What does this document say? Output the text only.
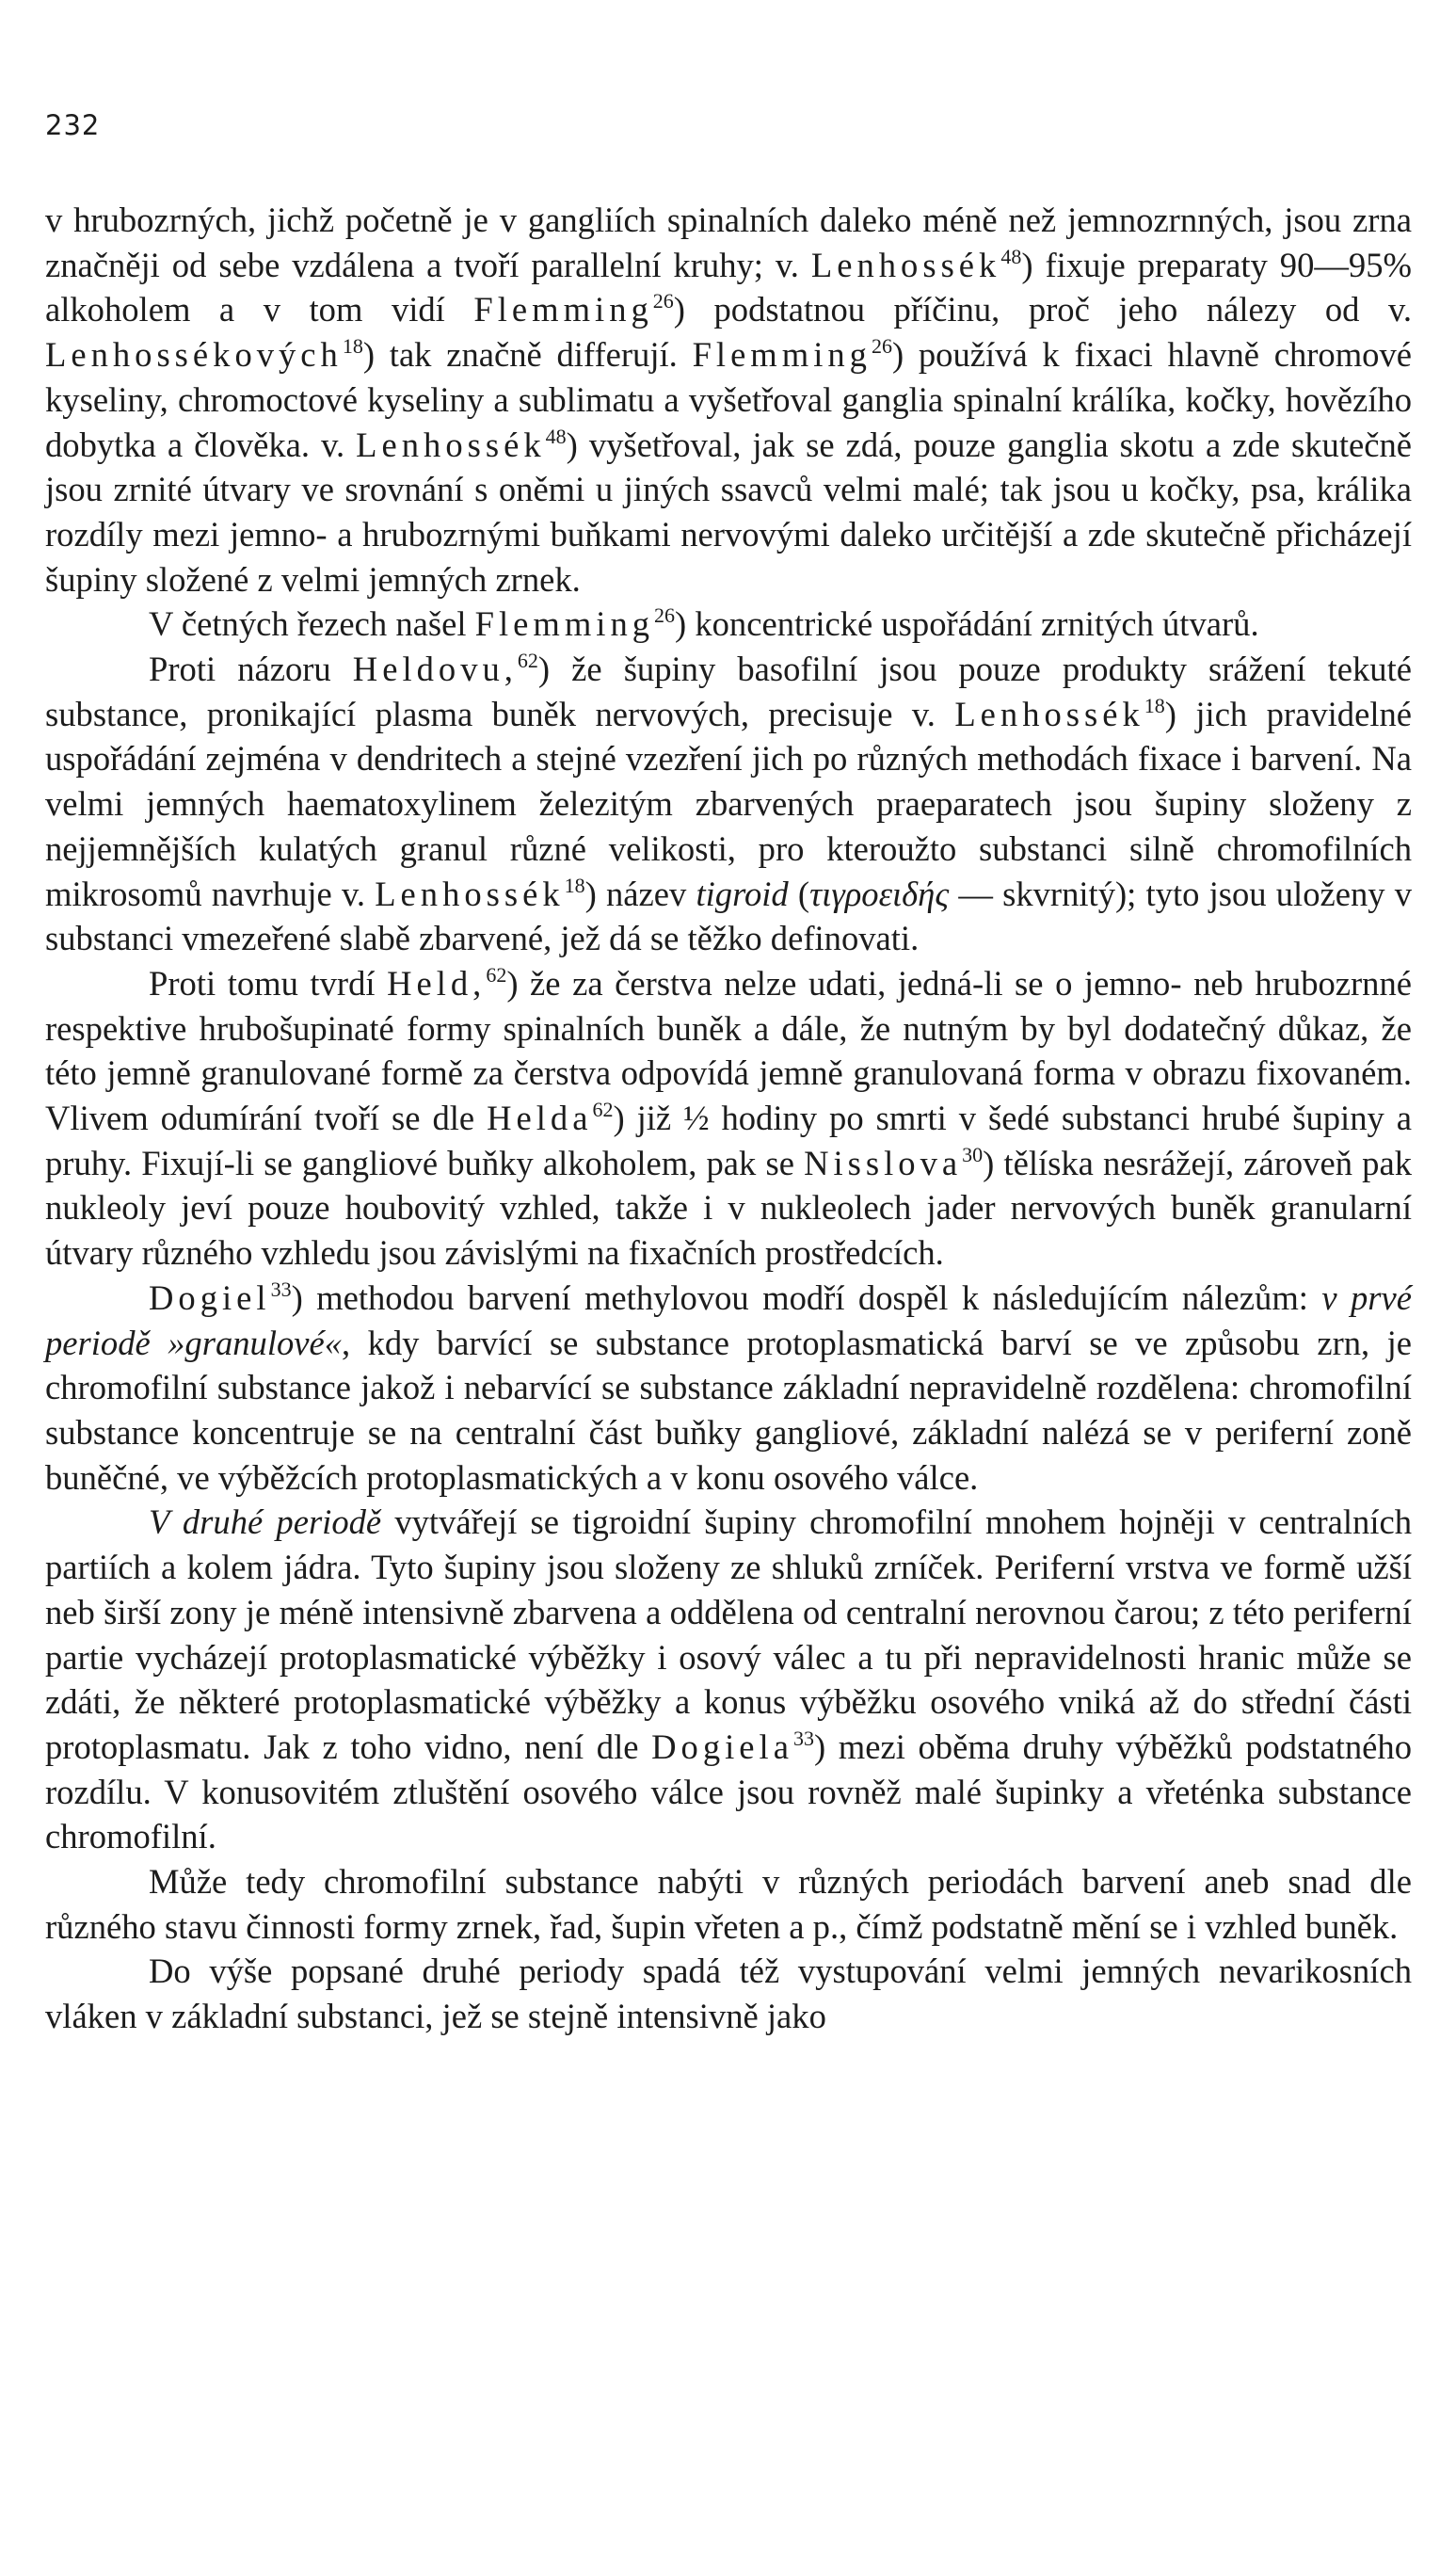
232

v hrubozrných, jichž početně je v gangliích spinalních daleko méně než jemnozrnných, jsou zrna značněji od sebe vzdálena a tvoří parallelní kruhy; v. Lenhossék$^{48}$) fixuje preparaty 90—95% alkoholem a v tom vidí Flemming$^{26}$) podstatnou příčinu, proč jeho nálezy od v. Lenhossékových$^{18}$) tak značně differují. Flemming$^{26}$) používá k fixaci hlavně chromové kyseliny, chromoctové kyseliny a sublimatu a vyšetřoval ganglia spinalní králíka, kočky, hovězího dobytka a člověka. v. Lenhossék$^{48}$) vyšetřoval, jak se zdá, pouze ganglia skotu a zde skutečně jsou zrnité útvary ve srovnání s oněmi u jiných ssavců velmi malé; tak jsou u kočky, psa, králika rozdíly mezi jemno- a hrubozrnými buňkami nervovými daleko určitější a zde skutečně přicházejí šupiny složené z velmi jemných zrnek.

V četných řezech našel Flemming$^{26}$) koncentrické uspořádání zrnitých útvarů.

Proti názoru Heldovu,$^{62}$) že šupiny basofilní jsou pouze produkty srážení tekuté substance, pronikající plasma buněk nervových, precisuje v. Lenhossék$^{18}$) jich pravidelné uspořádání zejména v dendritech a stejné vzezření jich po různých methodách fixace i barvení. Na velmi jemných haematoxylinem železitým zbarvených praeparatech jsou šupiny složeny z nejjemnějších kulatých granul různé velikosti, pro kteroužto substanci silně chromofilních mikrosomů navrhuje v. Lenhossék$^{18}$) název tigroid (τιγροειδής — skvrnitý); tyto jsou uloženy v substanci vmezeřené slabě zbarvené, jež dá se těžko definovati.

Proti tomu tvrdí Held,$^{62}$) že za čerstva nelze udati, jedná-li se o jemno- neb hrubozrnné respektive hrubošupinaté formy spinalních buněk a dále, že nutným by byl dodatečný důkaz, že této jemně granulované formě za čerstva odpovídá jemně granulovaná forma v obrazu fixovaném. Vlivem odumírání tvoří se dle Helda$^{62}$) již ½ hodiny po smrti v šedé substanci hrubé šupiny a pruhy. Fixují-li se gangliové buňky alkoholem, pak se Nisslova$^{30}$) tělíska nesrážejí, zároveň pak nukleoly jeví pouze houbovitý vzhled, takže i v nukleolech jader nervových buněk granularní útvary různého vzhledu jsou závislými na fixačních prostředcích.

Dogiel$^{33}$) methodou barvení methylovou modří dospěl k následujícím nálezům: v prvé periodě »granulové«, kdy barvící se substance protoplasmatická barví se ve způsobu zrn, je chromofilní substance jakož i nebarvící se substance základní nepravidelně rozdělena: chromofilní substance koncentruje se na centralní část buňky gangliové, základní nalézá se v periferní zoně buněčné, ve výběžcích protoplasmatických a v konu osového válce.

V druhé periodě vytvářejí se tigroidní šupiny chromofilní mnohem hojněji v centralních partiích a kolem jádra. Tyto šupiny jsou složeny ze shluků zrníček. Periferní vrstva ve formě užší neb širší zony je méně intensivně zbarvena a oddělena od centralní nerovnou čarou; z této periferní partie vycházejí protoplasmatické výběžky i osový válec a tu při nepravidelnosti hranic může se zdáti, že některé protoplasmatické výběžky a konus výběžku osového vniká až do střední části protoplasmatu. Jak z toho vidno, není dle Dogiela$^{33}$) mezi oběma druhy výběžků podstatného rozdílu. V konusovitém ztluštění osového válce jsou rovněž malé šupinky a vřeténka substance chromofilní.

Může tedy chromofilní substance nabýti v různých periodách barvení aneb snad dle různého stavu činnosti formy zrnek, řad, šupin vřeten a p., čímž podstatně mění se i vzhled buněk.

Do výše popsané druhé periody spadá též vystupování velmi jemných nevarikosních vláken v základní substanci, jež se stejně intensivně jako
